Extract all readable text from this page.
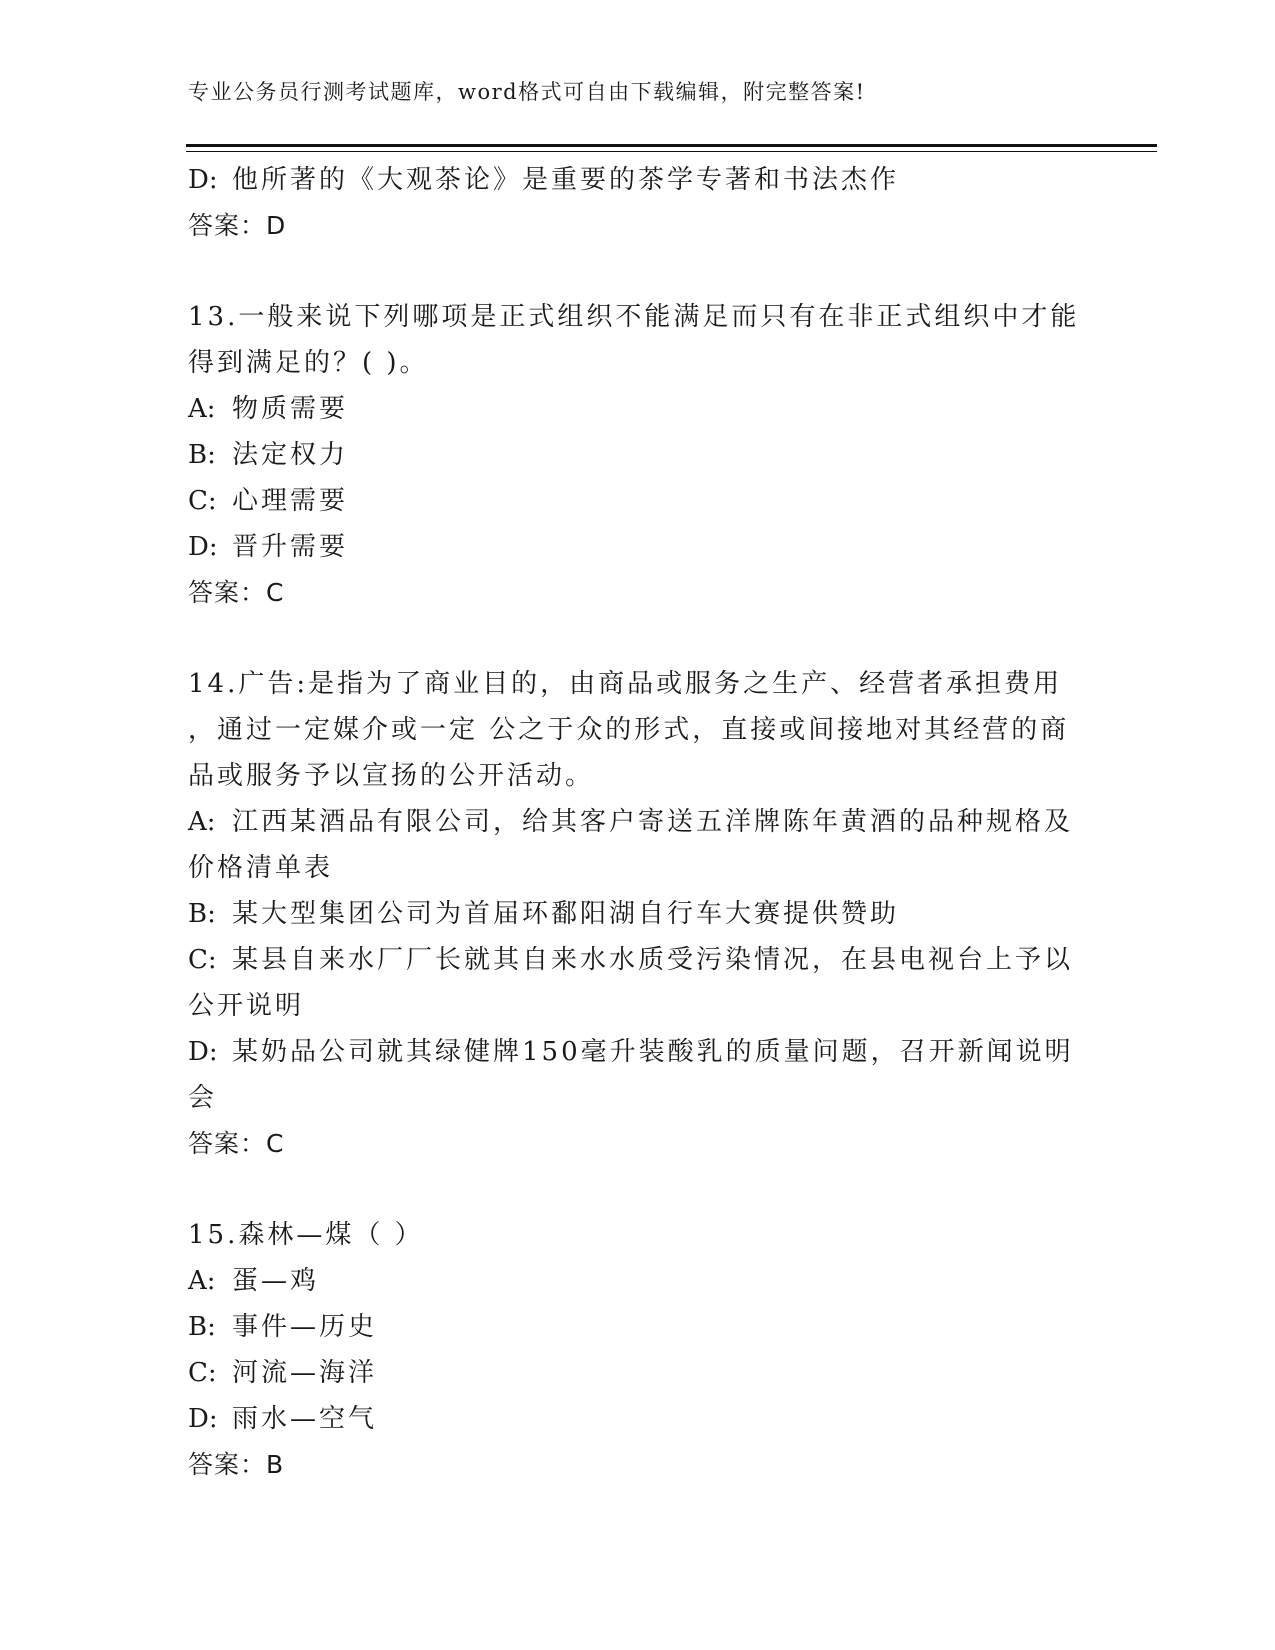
专业公务员行测考试题库，word格式可自由下载编辑，附完整答案!
D: 他所著的《大观茶论》是重要的茶学专著和书法杰作
答案：D
13.一般来说下列哪项是正式组织不能满足而只有在非正式组织中才能
得到满足的？( )。
A: 物质需要
B: 法定权力
C: 心理需要
D: 晋升需要
答案：C
14.广告:是指为了商业目的，由商品或服务之生产、经营者承担费用
，通过一定媒介或一定 公之于众的形式，直接或间接地对其经营的商
品或服务予以宣扬的公开活动。
A: 江西某酒品有限公司，给其客户寄送五洋牌陈年黄酒的品种规格及
价格清单表
B: 某大型集团公司为首届环鄱阳湖自行车大赛提供赞助
C: 某县自来水厂厂长就其自来水水质受污染情况，在县电视台上予以
公开说明
D: 某奶品公司就其绿健牌150毫升装酸乳的质量问题，召开新闻说明
会
答案：C
15.森林—煤（ ）
A: 蛋—鸡
B: 事件—历史
C: 河流—海洋
D: 雨水—空气
答案：B
